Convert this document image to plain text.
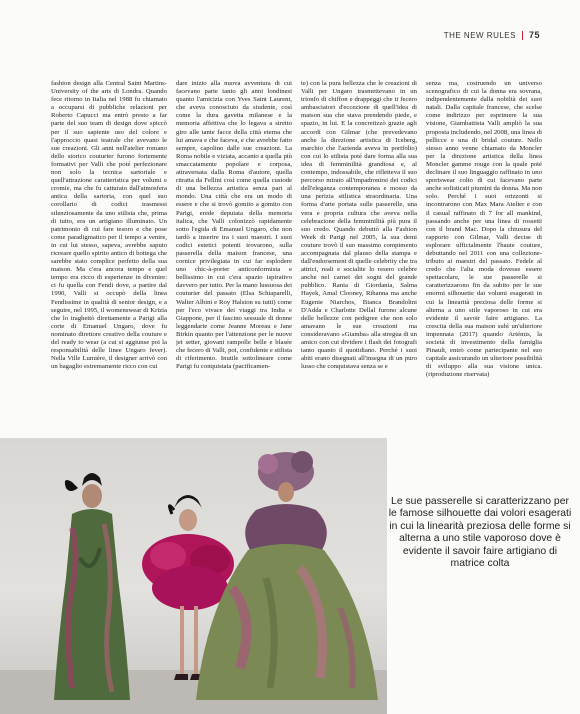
THE NEW RULES 75
fashion design alla Central Saint Martins-University of the arts di Londra. Quando fece ritorno in Italia nel 1988 fu chiamato a occuparsi di pubbliche relazioni per Roberto Capucci ma entrò presto a far parte del suo team di design dove spiccò per il suo sapiente uso del colore e l'approccio quasi teatrale che avevano le sue creazioni. Gli anni nell'atelier romano dello storico couturier furono fortemente formativi per Valli che poté perfezionare non solo la tecnica sartoriale e quell'attrazione caratteristica per volumi e cromie, ma che fu catturato dall'atmosfera antica della sartoria, con quel suo corollario di codici trasmessi silenziosamente da uno stilista che, prima di tutto, era un artigiano illuminato. Un patrimonio di cui fare tesoro e che pose come paradigmatico per il tempo a venire, in cui lui stesso, sapeva, avrebbe saputo ricreare quello spirito antico di bottega che sarebbe stato complice perfetto della sua maison. Ma c'era ancora tempo e quel tempo era ricco di esperienze in divenire: ci fu quella con Fendi dove, a partire dal 1990, Valli si occupò della linea Fendissime in qualità di senior design, e a seguire, nel 1995, il womenswear di Krizia che lo traghettò direttamente a Parigi alla corte di Emanuel Ungaro, dove fu nominato direttore creativo della couture e del ready to wear (a cui si aggiunse poi la responsabilità delle linee Ungaro fever). Nella Ville Lumière, il designer arrivò con un bagaglio estremamente ricco con cui
dare inizio alla nuova avventura di cui facevano parte tanto gli anni londinesi quanto l'amicizia con Yves Saint Laurent, che aveva conosciuto da studente, così come la dura gavetta milanese e la memoria affettiva che lo legava a stretto giro alle tante facce della città eterna che lui amava e che faceva, e che avrebbe fatto sempre, capolino dalle sue creazioni. La Roma nobile e viziata, accanto a quella più smaccatamente popolare e corposa, attraversata dalla Roma d'autore, quella ritratta da Fellini così come quella custode di una bellezza artistica senza pari al mondo. Una città che era un modo di essere e che si trovò gomito a gomito con Parigi, erede deputata della memoria italica, che Valli colonizzò rapidamente sotto l'egida di Emanuel Ungaro, che non tardò a inserire tra i suoi maestri. I suoi codici estetici potenti trovarono, sulla passerella della maison francese, una cornice privilegiata in cui far esplodere uno chic-à-porter anticonformista e bellissimo in cui c'era spazio ispirativo davvero per tutto. Per la mano lussuosa dei couturier del passato (Elsa Schiaparelli, Walter Albini e Roy Halston su tutti) come per l'eco vivace dei viaggi tra India e Giappone, per il fascino sessuale di donne leggendarie come Jeanne Moreau e Jane Birkin quanto per l'attenzione per le nuove jet setter, giovani rampolle belle e blasée che fecero di Valli, poi, confidente e stilista di riferimento. Inutile sottolineare come Parigi fu conquistata (pacificamen-
te) con la pura bellezza che le creazioni di Valli per Ungaro trasmettevano in un trionfo di chiffon e drappeggi che ti fecero ambasciatori d'eccezione di quell'idea di maison sua che stava prendendo piede, e spazio, in lui. E la concretizzò grazie agli accordi con Gilmar (che prevedevano anche la direzione artistica di Iceberg, marchio che l'azienda aveva in portfolio) con cui lo stilista poté dare forma alla sua idea di femminilità grandiosa e, al contempo, indossabile, che rifletteva il suo percorso mirato all'impadronirsi dei codici dell'eleganza contemporanea e mosso da una perizia stilistica straordinaria. Una forma d'arte portata sulle passerelle, una vera e propria cultura che aveva nella celebrazione della femminilità più pura il suo credo. Quando debuttò alla Fashion Week di Parigi nel 2005, la sua demi couture trovò il suo massimo compimento accompagnata dal plauso della stampa e dall'endorsement di quelle celebrity che tra attrici, reali e socialite lo resero celebre anche nel carnet dei sogni del grande pubblico. Rania di Giordania, Salma Hayek, Amal Clooney, Rihanna ma anche Eugenie Niarchos, Bianca Brandolini D'Adda e Charlotte Dellal furono alcune delle bellezze con pedigree che non solo amavano le sue creazioni ma consideravano «Giamba» alla stregua di un amico con cui dividere i flash dei fotografi tanto quanto il quotidiano. Perché i suoi abiti erano disegnati all'insegna di un puro lusso che conquistava senza se e
senza ma, costruendo un universo scenografico di cui la donna era sovrana, indipendentemente dalla nobiltà dei suoi natali. Dalla capitale francese, che scelse come indirizzo per esprimere la sua visione, Giambattista Valli ampliò la sua proposta includendo, nel 2008, una linea di pellicce e una di bridal couture. Nello stesso anno venne chiamato da Moncler per la direzione artistica della linea Moncler gamme rouge con la quale poté declinare il suo linguaggio raffinato in uno sportswear colto di cui facevano parte anche sofisticati piumini da donna. Ma non solo. Perché i suoi orizzonti si incontrarono con Max Mara Atelier e con il casual raffinato di 7 for all mankind, passando anche per una linea di rossetti con il brand Mac. Dopo la chiusura del rapporto con Gilmar, Valli decise di esplorare ufficialmente l'haute couture, debuttando nel 2011 con una collezione-tributo ai maestri del passato. Fedele al credo che l'alta moda dovesse essere spettacolare, le sue passerelle si caratterizzarono fin da subito per le sue enormi silhouette dai volumi esagerati in cui la linearità preziosa delle forme si alterna a uno stile vaporoso in cui era evidente il savoir faire artigiano. La crescita della sua maison subì un'ulteriore impennata (2017) quando Artémis, la società di investimento della famiglia Pinault, entrò come partecipante nel suo capitale assicurando un ulteriore possibilità di sviluppo alla sua visione unica. (riproduzione riservata)
Le sue passerelle si caratterizzano per le famose silhouette dai volori esagerati in cui la linearità preziosa delle forme si alterna a uno stile vaporoso dove è evidente il savoir faire artigiano di matrice colta
